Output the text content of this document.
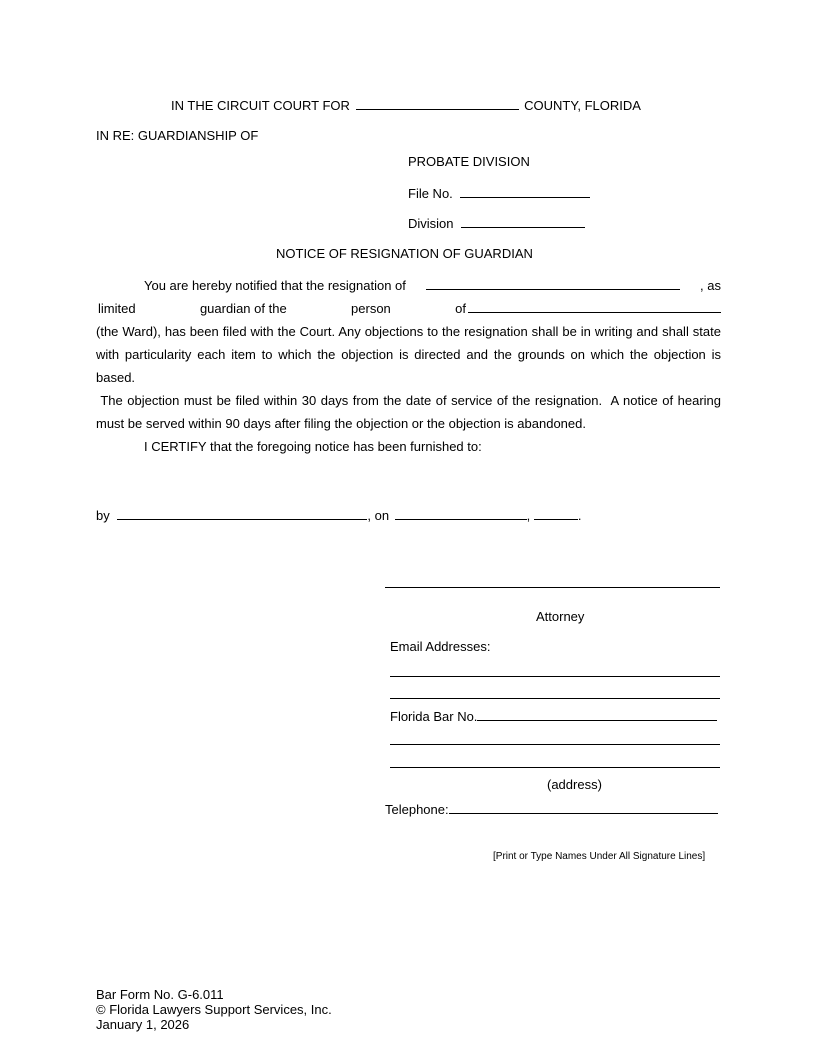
IN THE CIRCUIT COURT FOR	COUNTY, FLORIDA
IN RE: GUARDIANSHIP OF
PROBATE DIVISION
File No.
Division
NOTICE OF RESIGNATION OF GUARDIAN
You are hereby notified that the resignation of	, as
limited	guardian of the	person	of
(the Ward), has been filed with the Court. Any objections to the resignation shall be in writing and shall state
with particularity each item to which the objection is directed and the grounds on which the objection is based.
The objection must be filed within 30 days from the date of service of the resignation.  A notice of hearing
must be served within 90 days after filing the objection or the objection is abandoned.
I CERTIFY that the foregoing notice has been furnished to:
by	, on	,	.
Attorney
Email Addresses:
Florida Bar No.
(address)
Telephone:
[Print or Type Names Under All Signature Lines]
Bar Form No. G-6.011
© Florida Lawyers Support Services, Inc.
January 1, 2026
